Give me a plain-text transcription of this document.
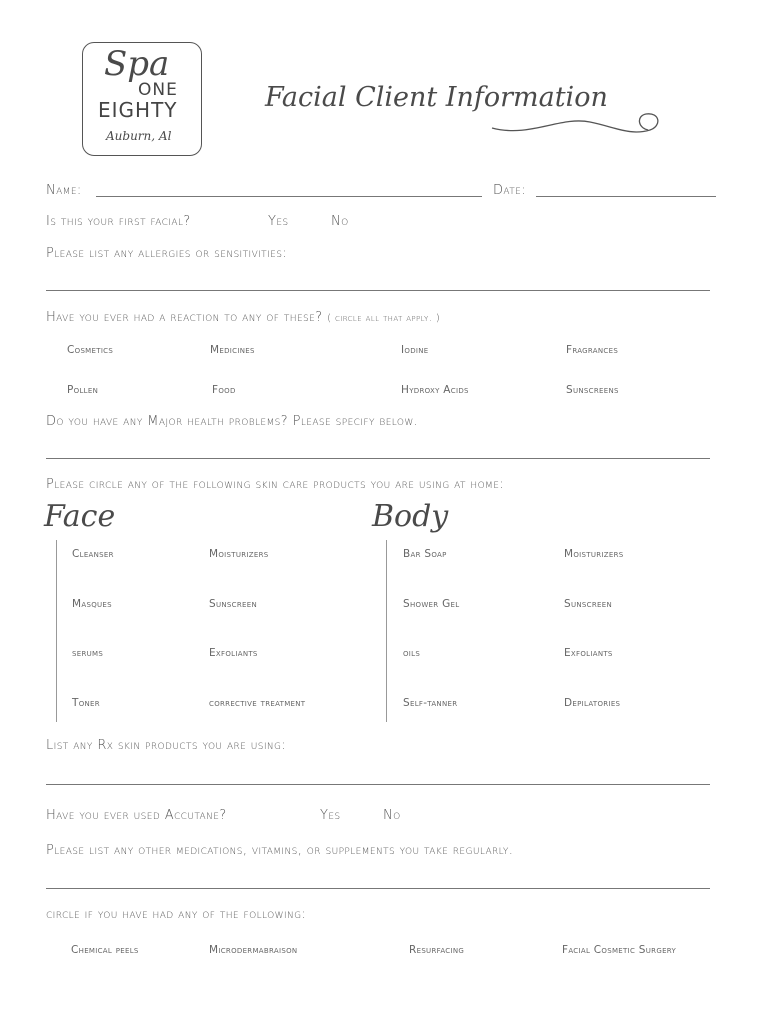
Spa
ONE
EIGHTY
Auburn, Al
Facial Client Information
Name:	Date:
Is this your first facial?	Yes	No
Please list any allergies or sensitivities:
Have you ever had a reaction to any of these? ( circle all that apply. )
Cosmetics	Medicines	Iodine	Fragrances
Pollen	Food	Hydroxy Acids	Sunscreens
Do you have any Major health problems? Please specify below.
Please circle any of the following skin care products you are using at home:
Face	Body
Cleanser	Moisturizers
Masques	Sunscreen
serums	Exfoliants
Toner	corrective treatment
Bar Soap	Moisturizers
Shower Gel	Sunscreen
oils	Exfoliants
Self-tanner	Depilatories
List any Rx skin products you are using:
Have you ever used Accutane?	Yes	No
Please list any other medications, vitamins, or supplements you take regularly.
circle if you have had any of the following:
Chemical peels	Microdermabraison	Resurfacing	Facial Cosmetic Surgery
